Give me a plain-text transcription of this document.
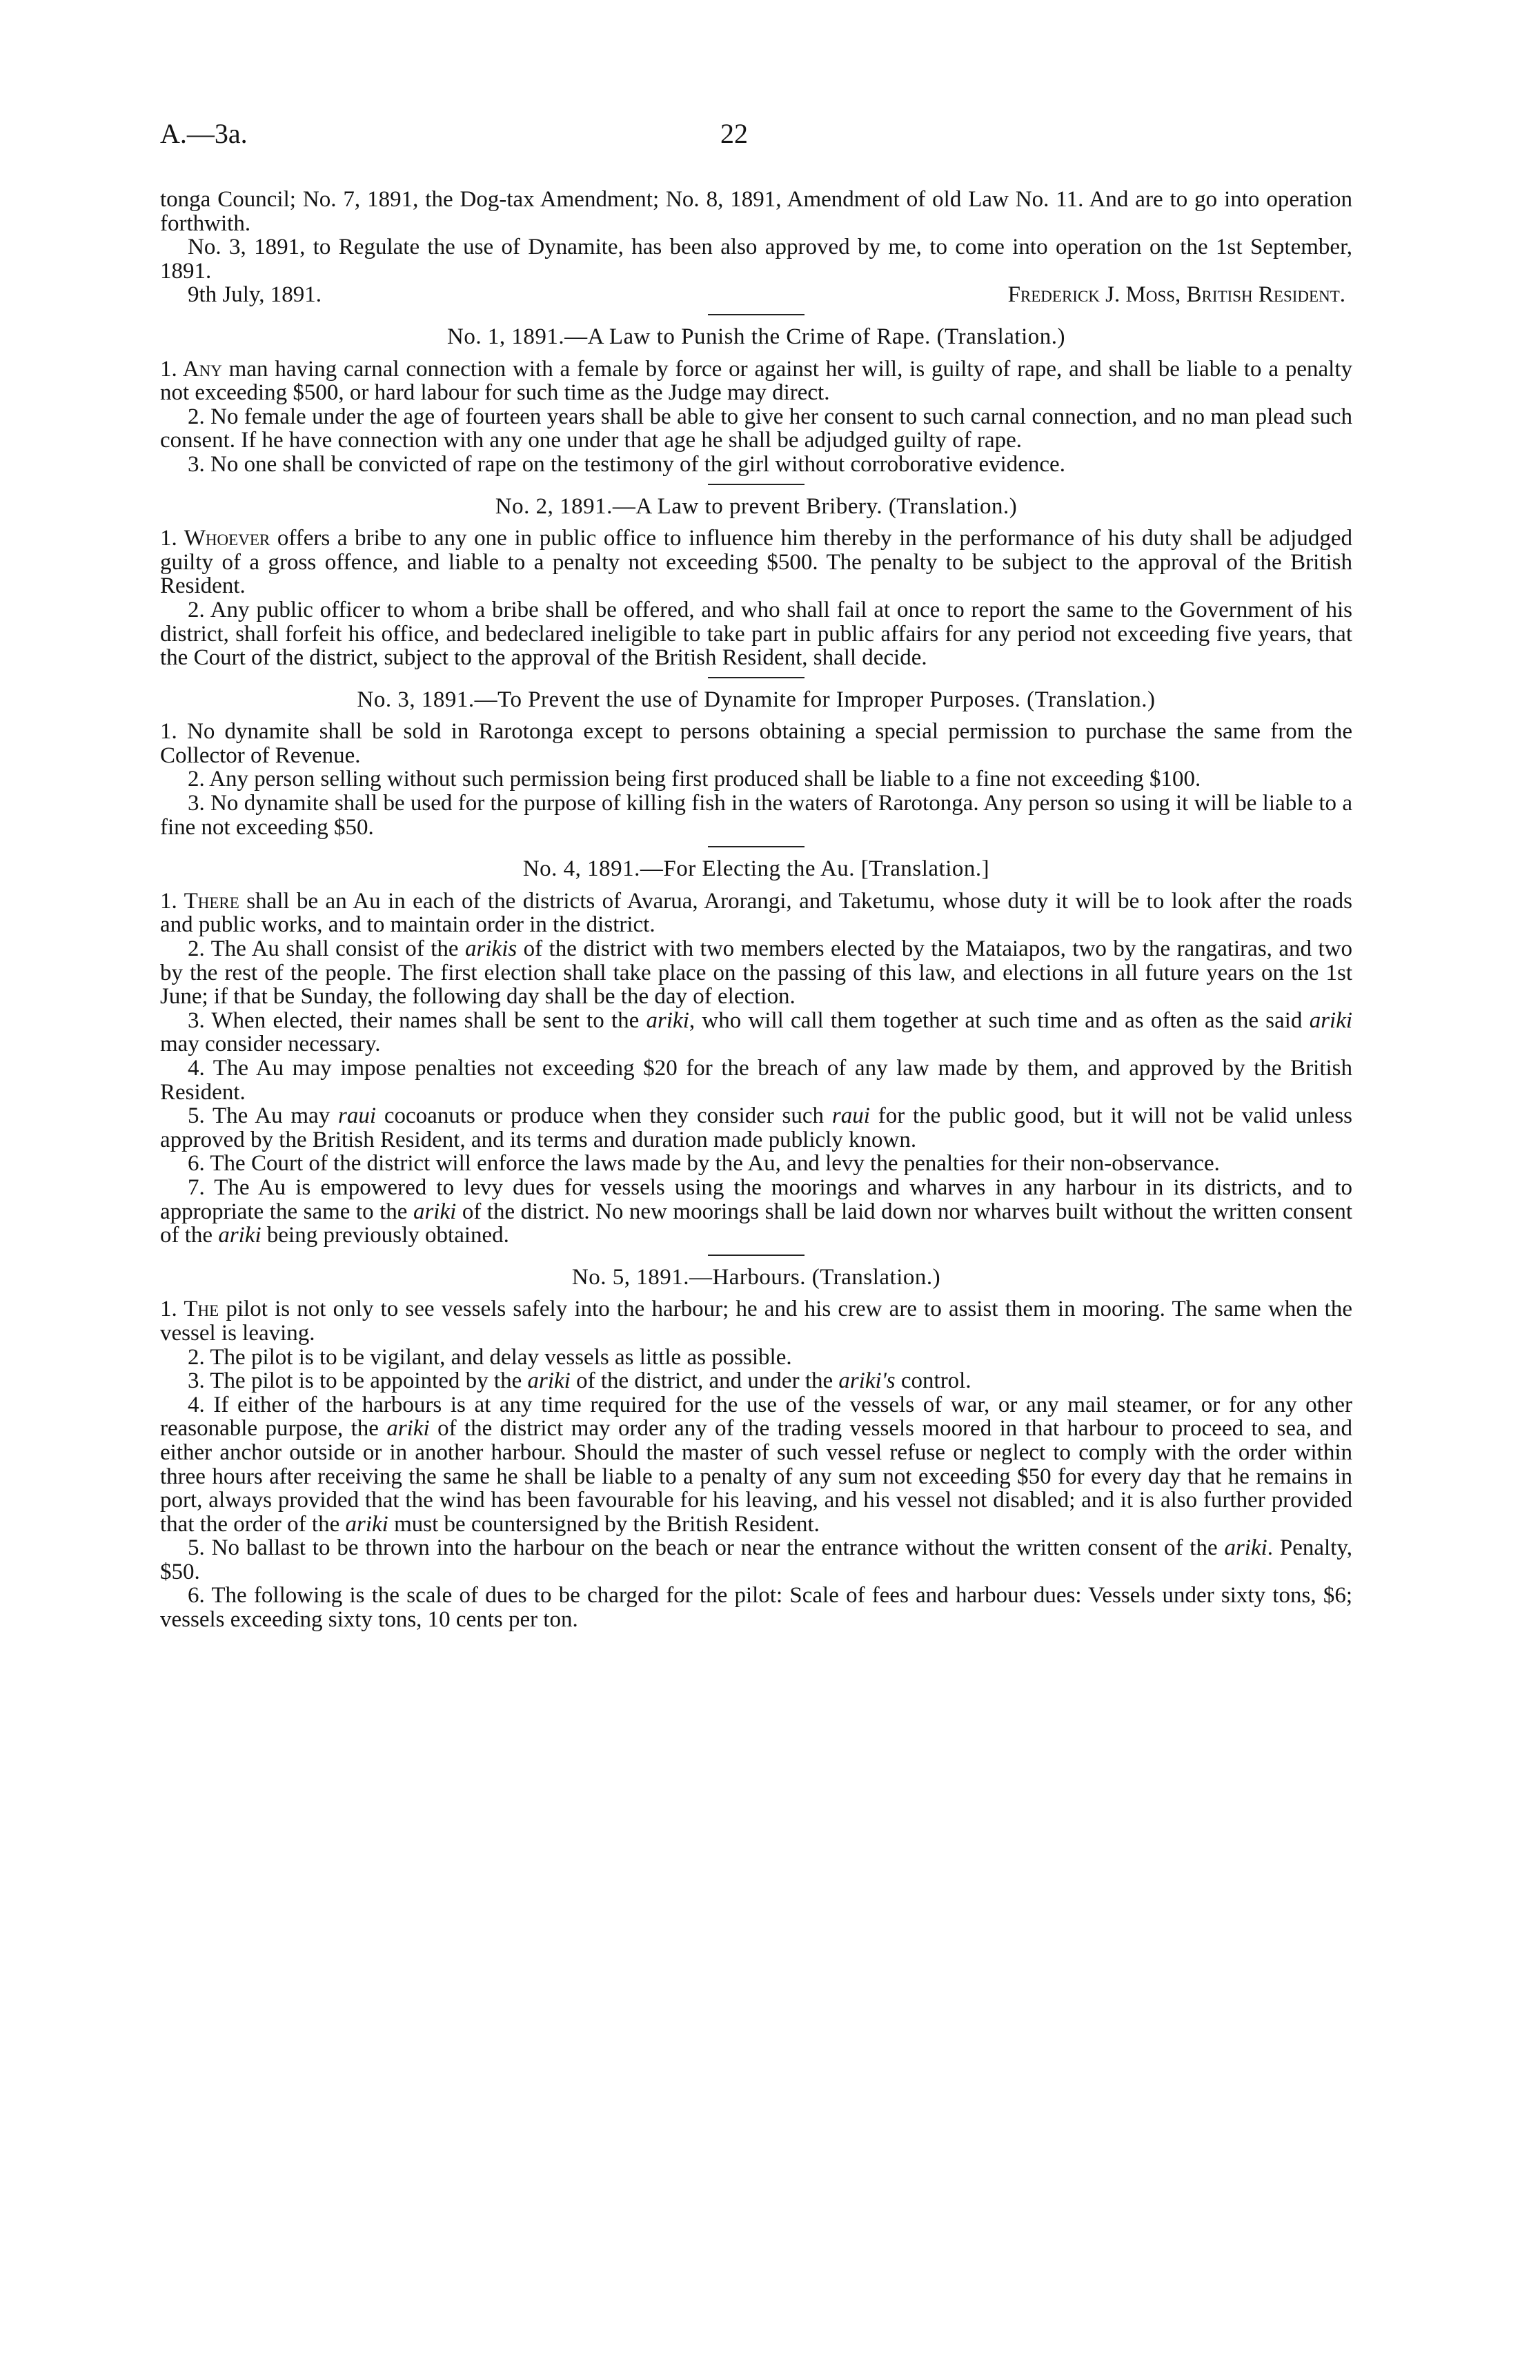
A.—3a.	22

tonga Council; No. 7, 1891, the Dog-tax Amendment; No. 8, 1891, Amendment of old Law No. 11. And are to go into operation forthwith.

No. 3, 1891, to Regulate the use of Dynamite, has been also approved by me, to come into operation on the 1st September, 1891.

9th July, 1891.	Frederick J. Moss, British Resident.
No. 1, 1891.—A Law to Punish the Crime of Rape. (Translation.)

1. Any man having carnal connection with a female by force or against her will, is guilty of rape, and shall be liable to a penalty not exceeding $500, or hard labour for such time as the Judge may direct.

2. No female under the age of fourteen years shall be able to give her consent to such carnal connection, and no man plead such consent. If he have connection with any one under that age he shall be adjudged guilty of rape.

3. No one shall be convicted of rape on the testimony of the girl without corroborative evidence.

No. 2, 1891.—A Law to prevent Bribery. (Translation.)

1. Whoever offers a bribe to any one in public office to influence him thereby in the performance of his duty shall be adjudged guilty of a gross offence, and liable to a penalty not exceeding $500. The penalty to be subject to the approval of the British Resident.

2. Any public officer to whom a bribe shall be offered, and who shall fail at once to report the same to the Government of his district, shall forfeit his office, and bedeclared ineligible to take part in public affairs for any period not exceeding five years, that the Court of the district, subject to the approval of the British Resident, shall decide.

No. 3, 1891.—To Prevent the use of Dynamite for Improper Purposes. (Translation.)

1. No dynamite shall be sold in Rarotonga except to persons obtaining a special permission to purchase the same from the Collector of Revenue.

2. Any person selling without such permission being first produced shall be liable to a fine not exceeding $100.

3. No dynamite shall be used for the purpose of killing fish in the waters of Rarotonga. Any person so using it will be liable to a fine not exceeding $50.

No. 4, 1891.—For Electing the Au. [Translation.]

1. There shall be an Au in each of the districts of Avarua, Arorangi, and Taketumu, whose duty it will be to look after the roads and public works, and to maintain order in the district.

2. The Au shall consist of the arikis of the district with two members elected by the Mataiapos, two by the rangatiras, and two by the rest of the people. The first election shall take place on the passing of this law, and elections in all future years on the 1st June; if that be Sunday, the following day shall be the day of election.

3. When elected, their names shall be sent to the ariki, who will call them together at such time and as often as the said ariki may consider necessary.

4. The Au may impose penalties not exceeding $20 for the breach of any law made by them, and approved by the British Resident.

5. The Au may raui cocoanuts or produce when they consider such raui for the public good, but it will not be valid unless approved by the British Resident, and its terms and duration made publicly known.

6. The Court of the district will enforce the laws made by the Au, and levy the penalties for their non-observance.

7. The Au is empowered to levy dues for vessels using the moorings and wharves in any harbour in its districts, and to appropriate the same to the ariki of the district. No new moorings shall be laid down nor wharves built without the written consent of the ariki being previously obtained.

No. 5, 1891.—Harbours. (Translation.)

1. The pilot is not only to see vessels safely into the harbour; he and his crew are to assist them in mooring. The same when the vessel is leaving.

2. The pilot is to be vigilant, and delay vessels as little as possible.

3. The pilot is to be appointed by the ariki of the district, and under the ariki's control.

4. If either of the harbours is at any time required for the use of the vessels of war, or any mail steamer, or for any other reasonable purpose, the ariki of the district may order any of the trading vessels moored in that harbour to proceed to sea, and either anchor outside or in another harbour. Should the master of such vessel refuse or neglect to comply with the order within three hours after receiving the same he shall be liable to a penalty of any sum not exceeding $50 for every day that he remains in port, always provided that the wind has been favourable for his leaving, and his vessel not disabled; and it is also further provided that the order of the ariki must be countersigned by the British Resident.

5. No ballast to be thrown into the harbour on the beach or near the entrance without the written consent of the ariki. Penalty, $50.

6. The following is the scale of dues to be charged for the pilot: Scale of fees and harbour dues: Vessels under sixty tons, $6; vessels exceeding sixty tons, 10 cents per ton.
